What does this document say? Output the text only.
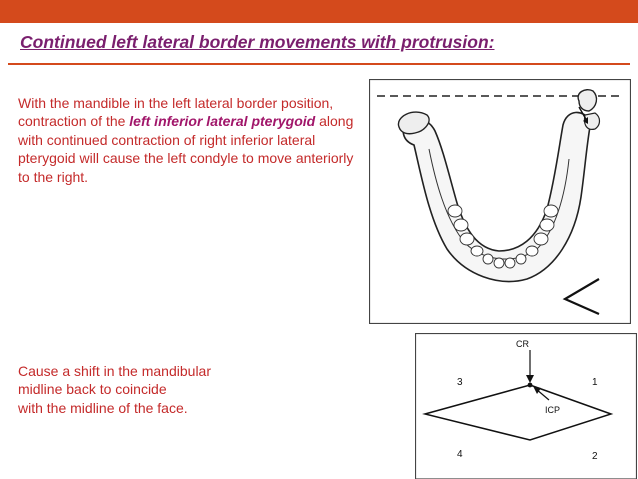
Continued left lateral border movements with protrusion:

With the mandible in the left lateral border position, contraction of the left inferior lateral pterygoid along with continued contraction of right inferior lateral pterygoid will cause the left condyle to move anteriorly to the right.

Cause a shift in the mandibular
midline back to coincide
with the midline of the face.

CR
ICP
1
2
3
4
